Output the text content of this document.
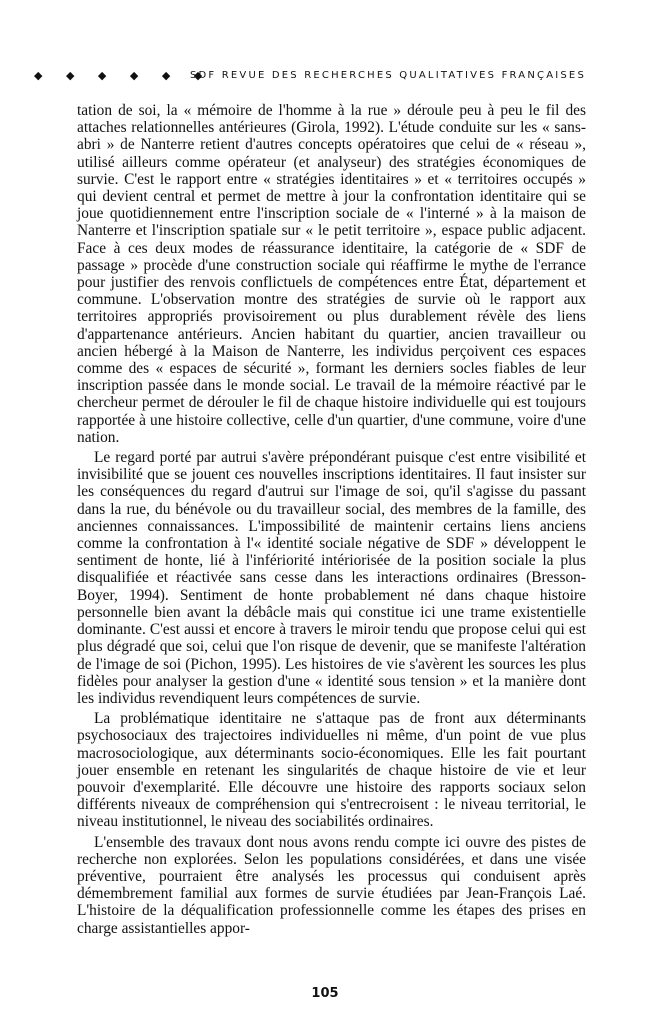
◆ ◆ ◆ ◆ ◆ ◆
SDF REVUE DES RECHERCHES QUALITATIVES FRANÇAISES

tation de soi, la « mémoire de l'homme à la rue » déroule peu à peu le fil des attaches relationnelles antérieures (Girola, 1992). L'étude conduite sur les « sans-abri » de Nanterre retient d'autres concepts opératoires que celui de « réseau », utilisé ailleurs comme opérateur (et analyseur) des stratégies économiques de survie. C'est le rapport entre « stratégies identitaires » et « territoires occupés » qui devient central et permet de mettre à jour la confrontation identitaire qui se joue quotidiennement entre l'inscription sociale de « l'interné » à la maison de Nanterre et l'inscription spatiale sur « le petit territoire », espace public adjacent. Face à ces deux modes de réassurance identitaire, la catégorie de « SDF de passage » procède d'une construction sociale qui réaffirme le mythe de l'errance pour justifier des renvois conflictuels de compétences entre État, département et commune. L'observation montre des stratégies de survie où le rapport aux territoires appropriés provisoirement ou plus durablement révèle des liens d'appartenance antérieurs. Ancien habitant du quartier, ancien travailleur ou ancien hébergé à la Maison de Nanterre, les individus perçoivent ces espaces comme des « espaces de sécurité », formant les derniers socles fiables de leur inscription passée dans le monde social. Le travail de la mémoire réactivé par le chercheur permet de dérouler le fil de chaque histoire individuelle qui est toujours rapportée à une histoire collective, celle d'un quartier, d'une commune, voire d'une nation.

Le regard porté par autrui s'avère prépondérant puisque c'est entre visibilité et invisibilité que se jouent ces nouvelles inscriptions identitaires. Il faut insister sur les conséquences du regard d'autrui sur l'image de soi, qu'il s'agisse du passant dans la rue, du bénévole ou du travailleur social, des membres de la famille, des anciennes connaissances. L'impossibilité de maintenir certains liens anciens comme la confrontation à l'« identité sociale négative de SDF » développent le sentiment de honte, lié à l'infériorité intériorisée de la position sociale la plus disqualifiée et réactivée sans cesse dans les interactions ordinaires (Bresson-Boyer, 1994). Sentiment de honte probablement né dans chaque histoire personnelle bien avant la débâcle mais qui constitue ici une trame existentielle dominante. C'est aussi et encore à travers le miroir tendu que propose celui qui est plus dégradé que soi, celui que l'on risque de devenir, que se manifeste l'altération de l'image de soi (Pichon, 1995). Les histoires de vie s'avèrent les sources les plus fidèles pour analyser la gestion d'une « identité sous tension » et la manière dont les individus revendiquent leurs compétences de survie.

La problématique identitaire ne s'attaque pas de front aux déterminants psychosociaux des trajectoires individuelles ni même, d'un point de vue plus macrosociologique, aux déterminants socio-économiques. Elle les fait pourtant jouer ensemble en retenant les singularités de chaque histoire de vie et leur pouvoir d'exemplarité. Elle découvre une histoire des rapports sociaux selon différents niveaux de compréhension qui s'entrecroisent : le niveau territorial, le niveau institutionnel, le niveau des sociabilités ordinaires.

L'ensemble des travaux dont nous avons rendu compte ici ouvre des pistes de recherche non explorées. Selon les populations considérées, et dans une visée préventive, pourraient être analysés les processus qui conduisent après démembrement familial aux formes de survie étudiées par Jean-François Laé. L'histoire de la déqualification professionnelle comme les étapes des prises en charge assistantielles appor-

105
